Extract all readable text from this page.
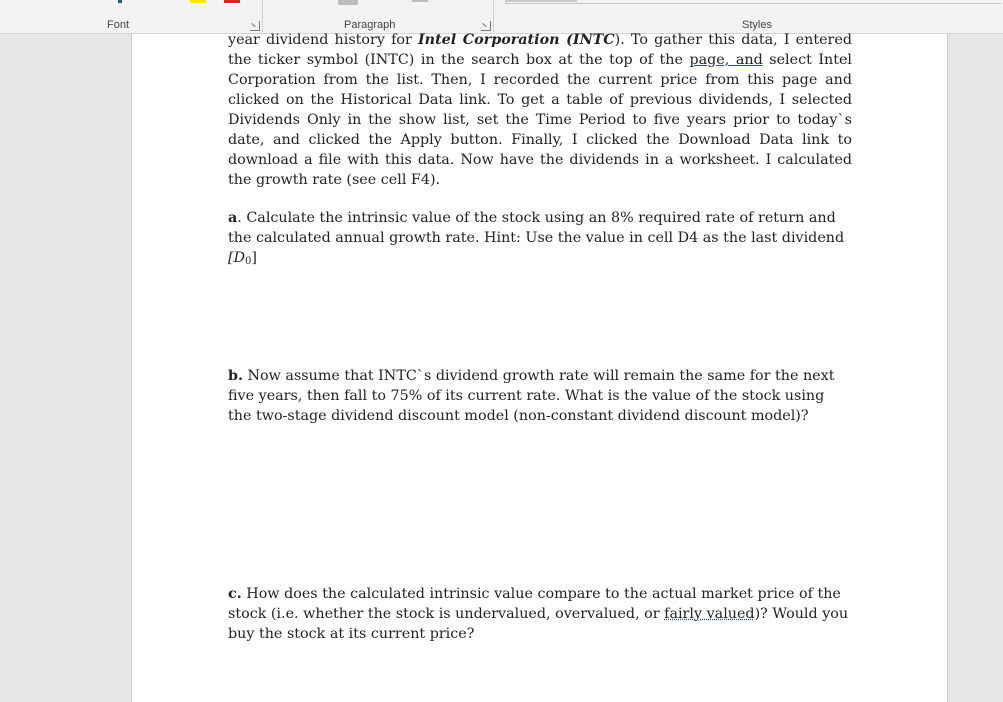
Font	Paragraph	Styles
year dividend history for Intel Corporation (INTC). To gather this data, I entered the ticker symbol (INTC) in the search box at the top of the page, and select Intel Corporation from the list. Then, I recorded the current price from this page and clicked on the Historical Data link. To get a table of previous dividends, I selected Dividends Only in the show list, set the Time Period to five years prior to today`s date, and clicked the Apply button. Finally, I clicked the Download Data link to download a file with this data. Now have the dividends in a worksheet. I calculated the growth rate (see cell F4).
a. Calculate the intrinsic value of the stock using an 8% required rate of return and the calculated annual growth rate. Hint: Use the value in cell D4 as the last dividend
$[D_0]$
b. Now assume that INTC`s dividend growth rate will remain the same for the next five years, then fall to 75% of its current rate. What is the value of the stock using the two-stage dividend discount model (non-constant dividend discount model)?
c. How does the calculated intrinsic value compare to the actual market price of the stock (i.e. whether the stock is undervalued, overvalued, or fairly valued)? Would you buy the stock at its current price?
